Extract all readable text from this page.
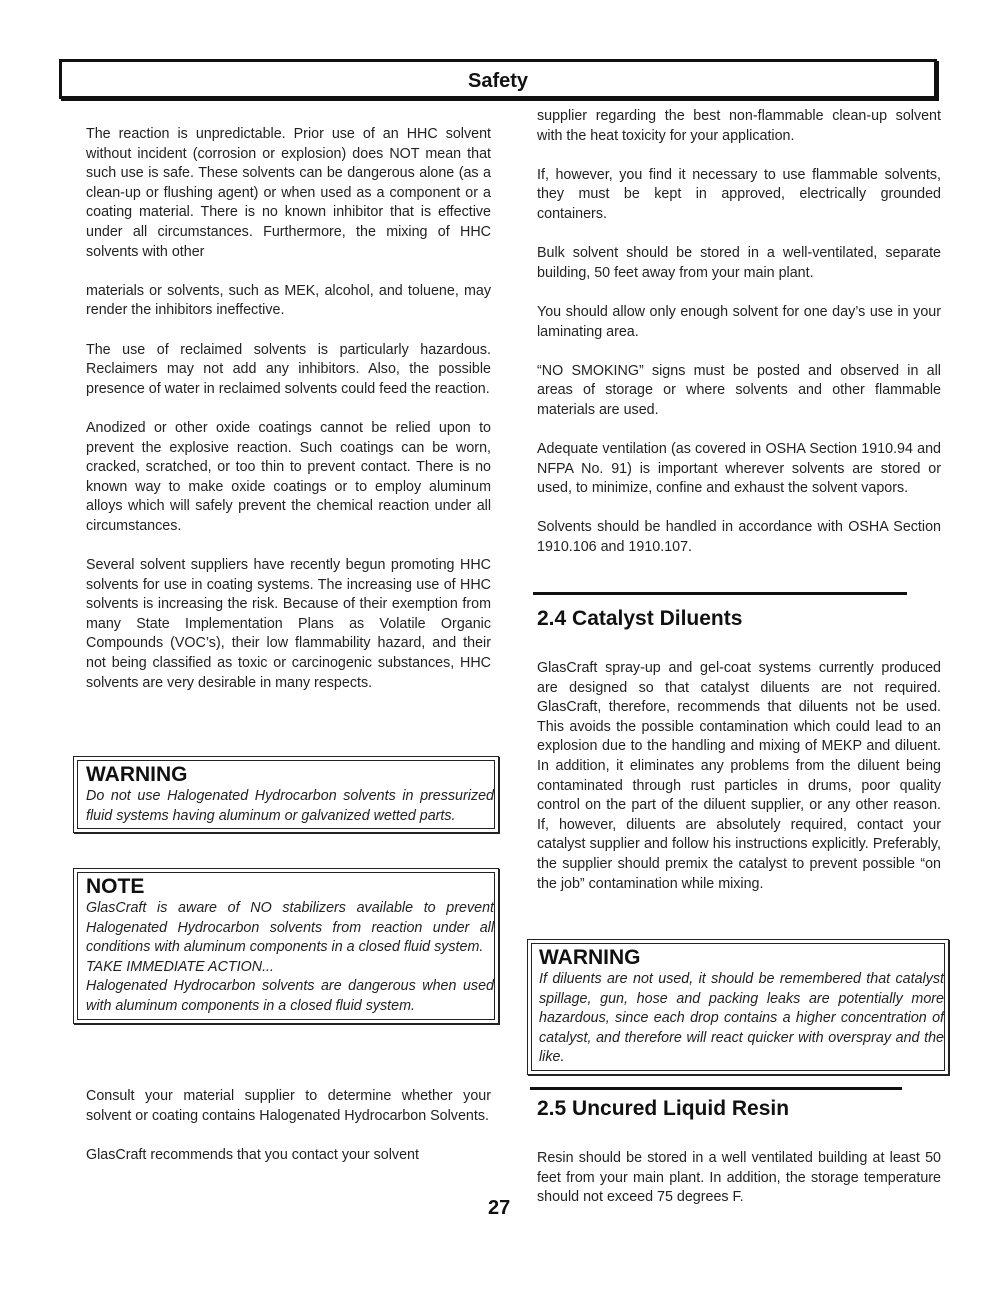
Safety

The reaction is unpredictable. Prior use of an HHC solvent without incident (corrosion or explosion) does NOT mean that such use is safe. These solvents can be dangerous alone (as a clean-up or flushing agent) or when used as a component or a coating material. There is no known inhibitor that is effective under all circumstances. Furthermore, the mixing of HHC solvents with other

materials or solvents, such as MEK, alcohol, and toluene, may render the inhibitors ineffective.

The use of reclaimed solvents is particularly hazardous. Reclaimers may not add any inhibitors. Also, the possible presence of water in reclaimed solvents could feed the reaction.

Anodized or other oxide coatings cannot be relied upon to prevent the explosive reaction. Such coatings can be worn, cracked, scratched, or too thin to prevent contact. There is no known way to make oxide coatings or to employ aluminum alloys which will safely prevent the chemical reaction under all circumstances.

Several solvent suppliers have recently begun promoting HHC solvents for use in coating systems. The increasing use of HHC solvents is increasing the risk. Because of their exemption from many State Implementation Plans as Volatile Organic Compounds (VOC’s), their low flammability hazard, and their not being classified as toxic or carcinogenic substances, HHC solvents are very desirable in many respects.

WARNING
Do not use Halogenated Hydrocarbon solvents in pressurized fluid systems having aluminum or galvanized wetted parts.
NOTE
GlasCraft is aware of NO stabilizers available to prevent Halogenated Hydrocarbon solvents from reaction under all conditions with aluminum components in a closed fluid system.
TAKE IMMEDIATE ACTION...
Halogenated Hydrocarbon solvents are dangerous when used with aluminum components in a closed fluid system.

Consult your material supplier to determine whether your solvent or coating contains Halogenated Hydrocarbon Solvents.

GlasCraft recommends that you contact your solvent

supplier regarding the best non-flammable clean-up solvent with the heat toxicity for your application.

If, however, you find it necessary to use flammable solvents, they must be kept in approved, electrically grounded containers.

Bulk solvent should be stored in a well-ventilated, separate building, 50 feet away from your main plant.

You should allow only enough solvent for one day’s use in your laminating area.

“NO SMOKING” signs must be posted and observed in all areas of storage or where solvents and other flammable materials are used.

Adequate ventilation (as covered in OSHA Section 1910.94 and NFPA No. 91) is important wherever solvents are stored or used, to minimize, confine and exhaust the solvent vapors.

Solvents should be handled in accordance with OSHA Section 1910.106 and 1910.107.

2.4 Catalyst Diluents

GlasCraft spray-up and gel-coat systems currently produced are designed so that catalyst diluents are not required. GlasCraft, therefore, recommends that diluents not be used. This avoids the possible contamination which could lead to an explosion due to the handling and mixing of MEKP and diluent. In addition, it eliminates any problems from the diluent being contaminated through rust particles in drums, poor quality control on the part of the diluent supplier, or any other reason. If, however, diluents are absolutely required, contact your catalyst supplier and follow his instructions explicitly. Preferably, the supplier should premix the catalyst to prevent possible “on the job” contamination while mixing.

WARNING
If diluents are not used, it should be remembered that catalyst spillage, gun, hose and packing leaks are potentially more hazardous, since each drop contains a higher concentration of catalyst, and therefore will react quicker with overspray and the like.
2.5 Uncured Liquid Resin

Resin should be stored in a well ventilated building at least 50 feet from your main plant. In addition, the storage temperature should not exceed 75 degrees F.

27
